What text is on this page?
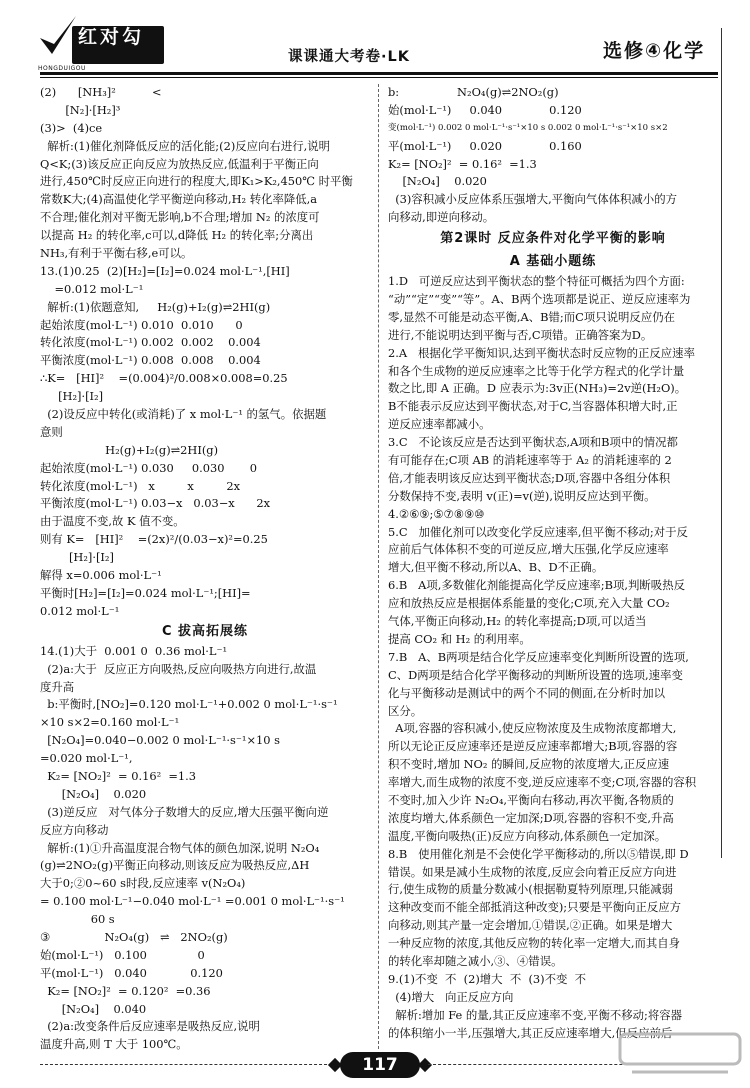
红对勾
HONGDUIGOU
课课通大考卷·LK	选修④化学
(2)      [NH₃]²          <
[N₂]·[H₂]³
(3)>  (4)ce
解析:(1)催化剂降低反应的活化能;(2)反应向右进行,说明
Q<K;(3)该反应正向反应为放热反应,低温利于平衡正向
进行,450℃时反应正向进行的程度大,即K₁>K₂,450℃ 时平衡
常数K大;(4)高温使化学平衡逆向移动,H₂ 转化率降低,a
不合理;催化剂对平衡无影响,b不合理;增加 N₂ 的浓度可
以提高 H₂ 的转化率,c可以,d降低 H₂ 的转化率;分离出
NH₃,有利于平衡右移,e可以。
13.(1)0.25  (2)[H₂]=[I₂]=0.024 mol·L⁻¹,[HI]
=0.012 mol·L⁻¹
解析:(1)依题意知,     H₂(g)+I₂(g)⇌2HI(g)
起始浓度(mol·L⁻¹) 0.010  0.010      0
转化浓度(mol·L⁻¹) 0.002  0.002    0.004
平衡浓度(mol·L⁻¹) 0.008  0.008    0.004
∴K=   [HI]²    =(0.004)²/0.008×0.008=0.25
[H₂]·[I₂]
(2)设反应中转化(或消耗)了 x mol·L⁻¹ 的氢气。依据题
意则
H₂(g)+I₂(g)⇌2HI(g)
起始浓度(mol·L⁻¹) 0.030     0.030       0
转化浓度(mol·L⁻¹)   x         x         2x
平衡浓度(mol·L⁻¹) 0.03−x   0.03−x      2x
由于温度不变,故 K 值不变。
则有 K=   [HI]²    =(2x)²/(0.03−x)²=0.25
[H₂]·[I₂]
解得 x=0.006 mol·L⁻¹
平衡时[H₂]=[I₂]=0.024 mol·L⁻¹;[HI]=
0.012 mol·L⁻¹
C 拔高拓展练
14.(1)大于  0.001 0  0.36 mol·L⁻¹
(2)a:大于  反应正方向吸热,反应向吸热方向进行,故温
度升高
b:平衡时,[NO₂]=0.120 mol·L⁻¹+0.002 0 mol·L⁻¹·s⁻¹
×10 s×2=0.160 mol·L⁻¹
[N₂O₄]=0.040−0.002 0 mol·L⁻¹·s⁻¹×10 s
=0.020 mol·L⁻¹,
K₂= [NO₂]²  = 0.16²  =1.3
[N₂O₄]    0.020
(3)逆反应   对气体分子数增大的反应,增大压强平衡向逆
反应方向移动
解析:(1)①升高温度混合物气体的颜色加深,说明 N₂O₄
(g)⇌2NO₂(g)平衡正向移动,则该反应为吸热反应,ΔH
大于0;②0~60 s时段,反应速率 v(N₂O₄)
= 0.100 mol·L⁻¹−0.040 mol·L⁻¹ =0.001 0 mol·L⁻¹·s⁻¹
60 s
③               N₂O₄(g)   ⇌   2NO₂(g)
始(mol·L⁻¹)   0.100              0
平(mol·L⁻¹)   0.040            0.120
K₂= [NO₂]²  = 0.120²  =0.36
[N₂O₄]    0.040
(2)a:改变条件后反应速率是吸热反应,说明
温度升高,则 T 大于 100℃。
b:                N₂O₄(g)⇌2NO₂(g)
始(mol·L⁻¹)     0.040             0.120
变(mol·L⁻¹) 0.002 0 mol·L⁻¹·s⁻¹×10 s 0.002 0 mol·L⁻¹·s⁻¹×10 s×2
平(mol·L⁻¹)     0.020             0.160
K₂= [NO₂]²  = 0.16²  =1.3
[N₂O₄]    0.020
(3)容积减小反应体系压强增大,平衡向气体体积减小的方
向移动,即逆向移动。
第2课时 反应条件对化学平衡的影响
A 基础小题练
1.D   可逆反应达到平衡状态的整个特征可概括为四个方面:
“动”“定”“变”“等”。A、B两个选项都是说正、逆反应速率为
零,显然不可能是动态平衡,A、B错;而C项只说明反应仍在
进行,不能说明达到平衡与否,C项错。正确答案为D。
2.A   根据化学平衡知识,达到平衡状态时反应物的正反应速率
和各个生成物的逆反应速率之比等于化学方程式的化学计量
数之比,即 A 正确。D 应表示为:3v正(NH₃)=2v逆(H₂O)。
B不能表示反应达到平衡状态,对于C,当容器体积增大时,正
逆反应速率都减小。
3.C   不论该反应是否达到平衡状态,A项和B项中的情况都
有可能存在;C项 AB 的消耗速率等于 A₂ 的消耗速率的 2
倍,才能表明该反应达到平衡状态;D项,容器中各组分体积
分数保持不变,表明 v(正)=v(逆),说明反应达到平衡。
4.②⑥⑨;⑤⑦⑧⑨⑩
5.C   加催化剂可以改变化学反应速率,但平衡不移动;对于反
应前后气体体积不变的可逆反应,增大压强,化学反应速率
增大,但平衡不移动,所以A、B、D不正确。
6.B   A项,多数催化剂能提高化学反应速率;B项,判断吸热反
应和放热反应是根据体系能量的变化;C项,充入大量 CO₂
气体,平衡正向移动,H₂ 的转化率提高;D项,可以适当
提高 CO₂ 和 H₂ 的利用率。
7.B   A、B两项是结合化学反应速率变化判断所设置的选项,
C、D两项是结合化学平衡移动的判断所设置的选项,速率变
化与平衡移动是测试中的两个不同的侧面,在分析时加以
区分。
A项,容器的容积减小,使反应物浓度及生成物浓度都增大,
所以无论正反应速率还是逆反应速率都增大;B项,容器的容
积不变时,增加 NO₂ 的瞬间,反应物的浓度增大,正反应速
率增大,而生成物的浓度不变,逆反应速率不变;C项,容器的容积
不变时,加入少许 N₂O₄,平衡向右移动,再次平衡,各物质的
浓度均增大,体系颜色一定加深;D项,容器的容积不变,升高
温度,平衡向吸热(正)反应方向移动,体系颜色一定加深。
8.B   使用催化剂是不会使化学平衡移动的,所以⑤错误,即 D
错误。如果是减小生成物的浓度,反应会向着正反应方向进
行,使生成物的质量分数减小(根据勒夏特列原理,只能减弱
这种改变而不能全部抵消这种改变);只要是平衡向正反应方
向移动,则其产量一定会增加,①错误,②正确。如果是增大
一种反应物的浓度,其他反应物的转化率一定增大,而其自身
的转化率却随之减小,③、④错误。
9.(1)不变  不  (2)增大  不  (3)不变  不
(4)增大   向正反应方向
解析:增加 Fe 的量,其正反应速率不变,平衡不移动;将容器
的体积缩小一半,压强增大,其正反应速率增大,但反应前后
117
